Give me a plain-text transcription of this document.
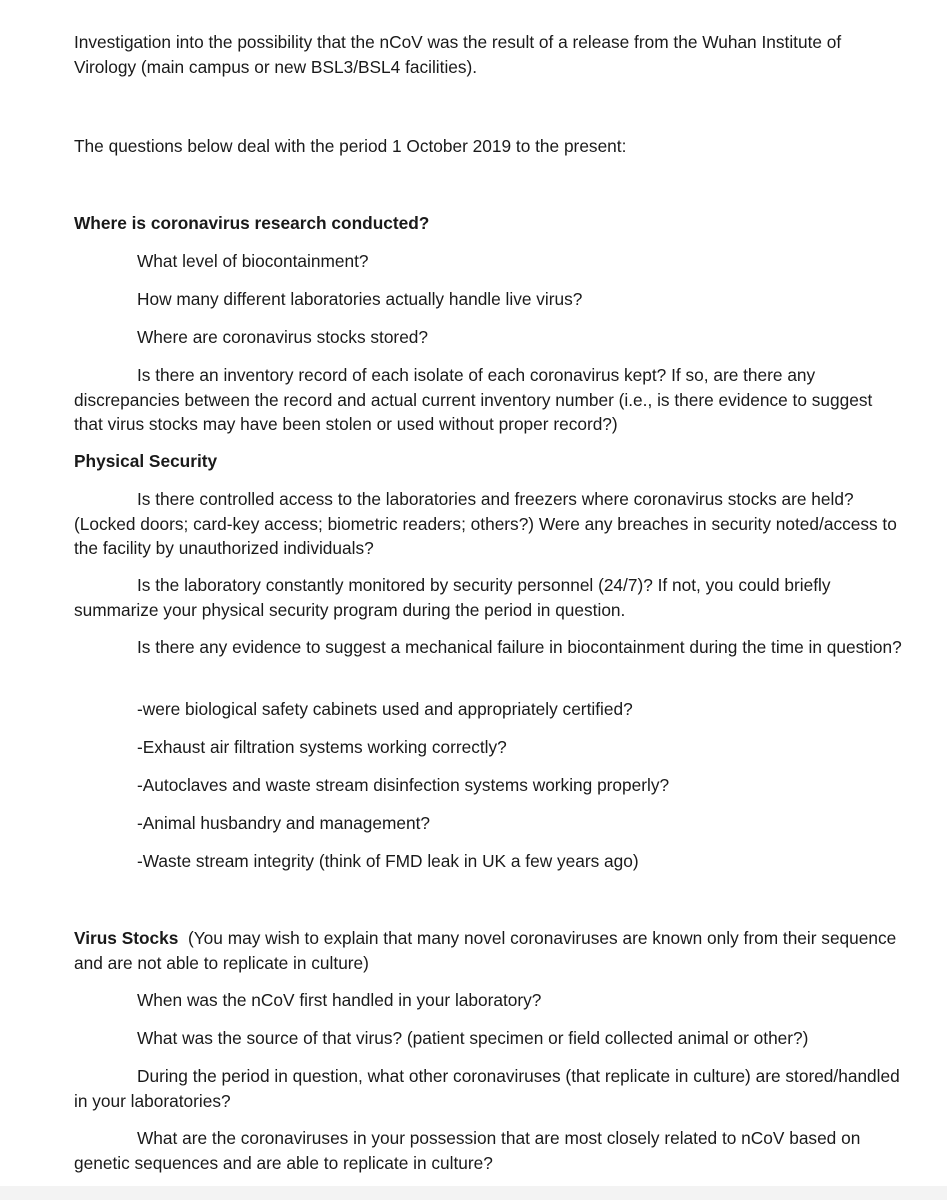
Investigation into the possibility that the nCoV was the result of a release from the Wuhan Institute of Virology (main campus or new BSL3/BSL4 facilities).

The questions below deal with the period 1 October 2019 to the present:

Where is coronavirus research conducted?

What level of biocontainment?

How many different laboratories actually handle live virus?

Where are coronavirus stocks stored?

Is there an inventory record of each isolate of each coronavirus kept? If so, are there any discrepancies between the record and actual current inventory number (i.e., is there evidence to suggest that virus stocks may have been stolen or used without proper record?)

Physical Security

Is there controlled access to the laboratories and freezers where coronavirus stocks are held? (Locked doors; card-key access; biometric readers; others?) Were any breaches in security noted/access to the facility by unauthorized individuals?

Is the laboratory constantly monitored by security personnel (24/7)? If not, you could briefly summarize your physical security program during the period in question.

Is there any evidence to suggest a mechanical failure in biocontainment during the time in question?

-were biological safety cabinets used and appropriately certified?

-Exhaust air filtration systems working correctly?

-Autoclaves and waste stream disinfection systems working properly?

-Animal husbandry and management?

-Waste stream integrity (think of FMD leak in UK a few years ago)

Virus Stocks  (You may wish to explain that many novel coronaviruses are known only from their sequence and are not able to replicate in culture)

When was the nCoV first handled in your laboratory?

What was the source of that virus? (patient specimen or field collected animal or other?)

During the period in question, what other coronaviruses (that replicate in culture) are stored/handled in your laboratories?

What are the coronaviruses in your possession that are most closely related to nCoV based on genetic sequences and are able to replicate in culture?
